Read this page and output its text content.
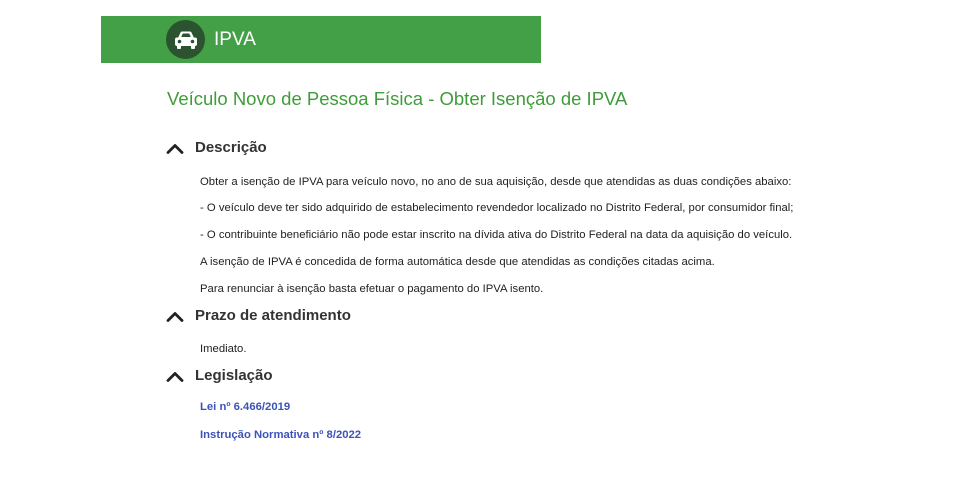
IPVA
Veículo Novo de Pessoa Física - Obter Isenção de IPVA
Descrição
Obter a isenção de IPVA para veículo novo, no ano de sua aquisição, desde que atendidas as duas condições abaixo:
- O veículo deve ter sido adquirido de estabelecimento revendedor localizado no Distrito Federal, por consumidor final;
- O contribuinte beneficiário não pode estar inscrito na dívida ativa do Distrito Federal na data da aquisição do veículo.
A isenção de IPVA é concedida de forma automática desde que atendidas as condições citadas acima.
Para renunciar à isenção basta efetuar o pagamento do IPVA isento.
Prazo de atendimento
Imediato.
Legislação
Lei nº 6.466/2019
Instrução Normativa nº 8/2022
